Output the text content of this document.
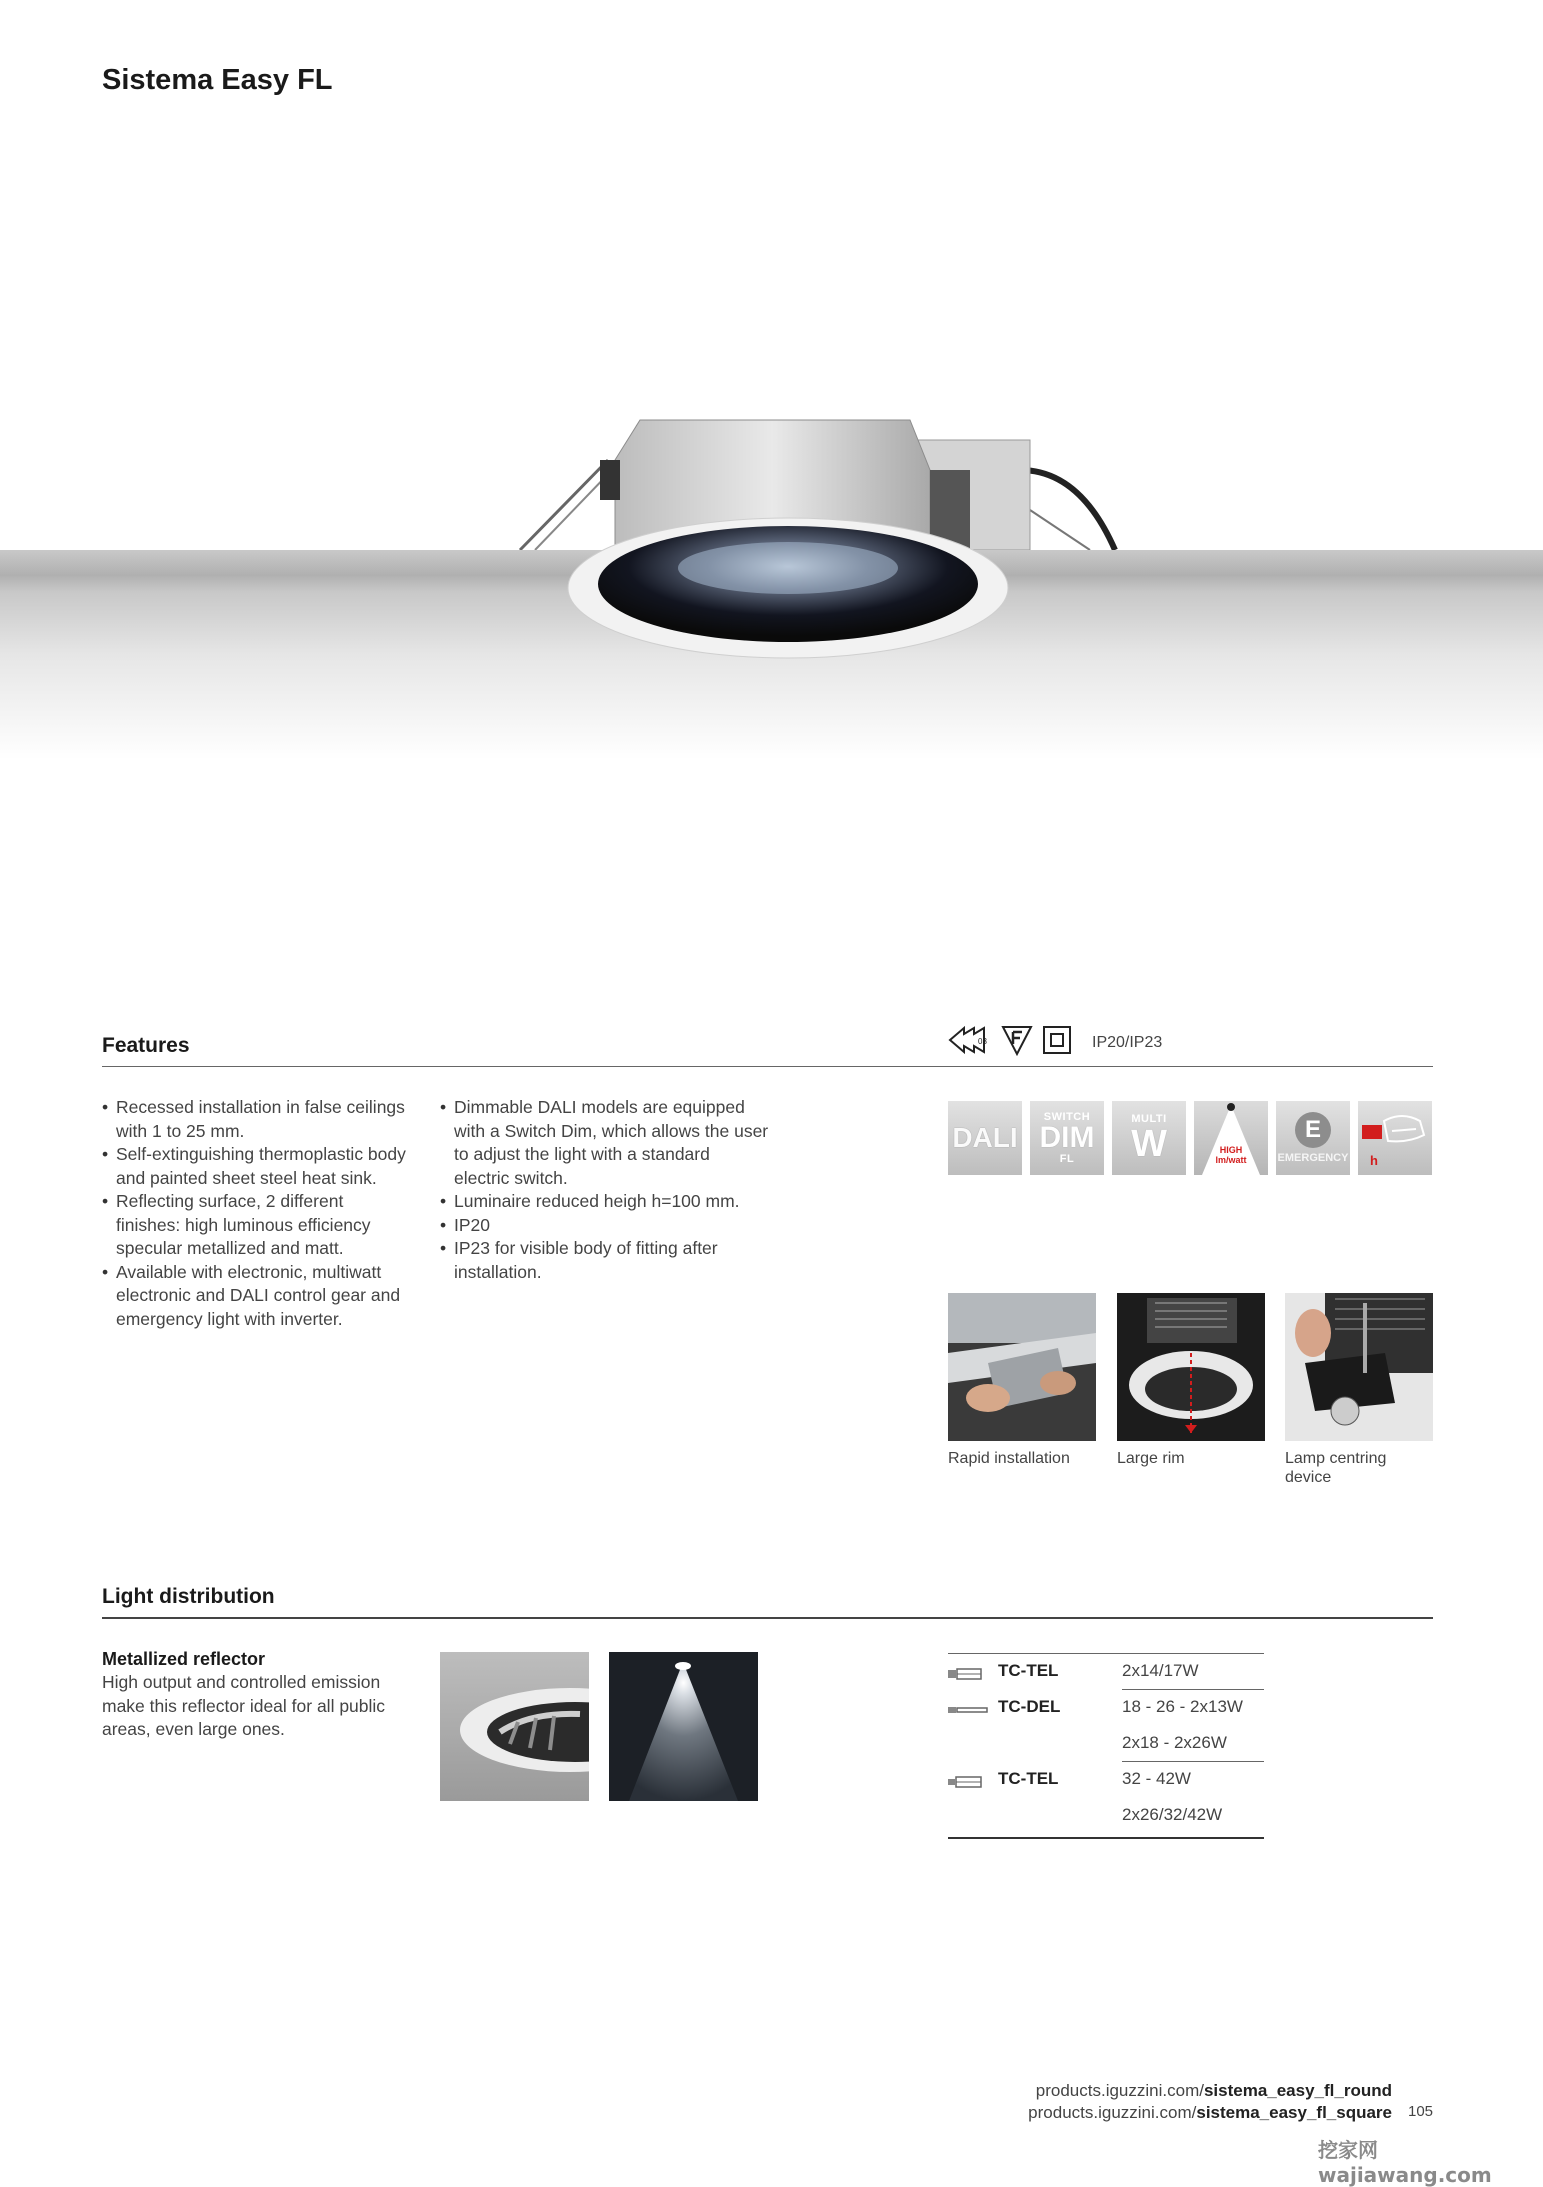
Sistema Easy FL
Features	03	IP20/IP23
• Recessed installation in false ceilings with 1 to 25 mm.
• Self-extinguishing thermoplastic body and painted sheet steel heat sink.
• Reflecting surface, 2 different finishes: high luminous efficiency specular metallized and matt.
• Available with electronic, multiwatt electronic and DALI control gear and emergency light with inverter.
• Dimmable DALI models are equipped with a Switch Dim, which allows the user to adjust the light with a standard electric switch.
• Luminaire reduced heigh h=100 mm.
• IP20
• IP23 for visible body of fitting after installation.
DALI
SWITCH
DIM
FL
MULTI
W	HIGH
lm/watt
E
EMERGENCY h
Rapid installation	Large rim	Lamp centring device
Light distribution
Metallized reflector
High output and controlled emission make this reflector ideal for all public areas, even large ones.
TC-TEL	2x14/17W
TC-DEL	18 - 26 - 2x13W
2x18 - 2x26W
TC-TEL	32 - 42W
2x26/32/42W
products.iguzzini.com/sistema_easy_fl_round
products.iguzzini.com/sistema_easy_fl_square 105
挖家网 wajiawang.com
